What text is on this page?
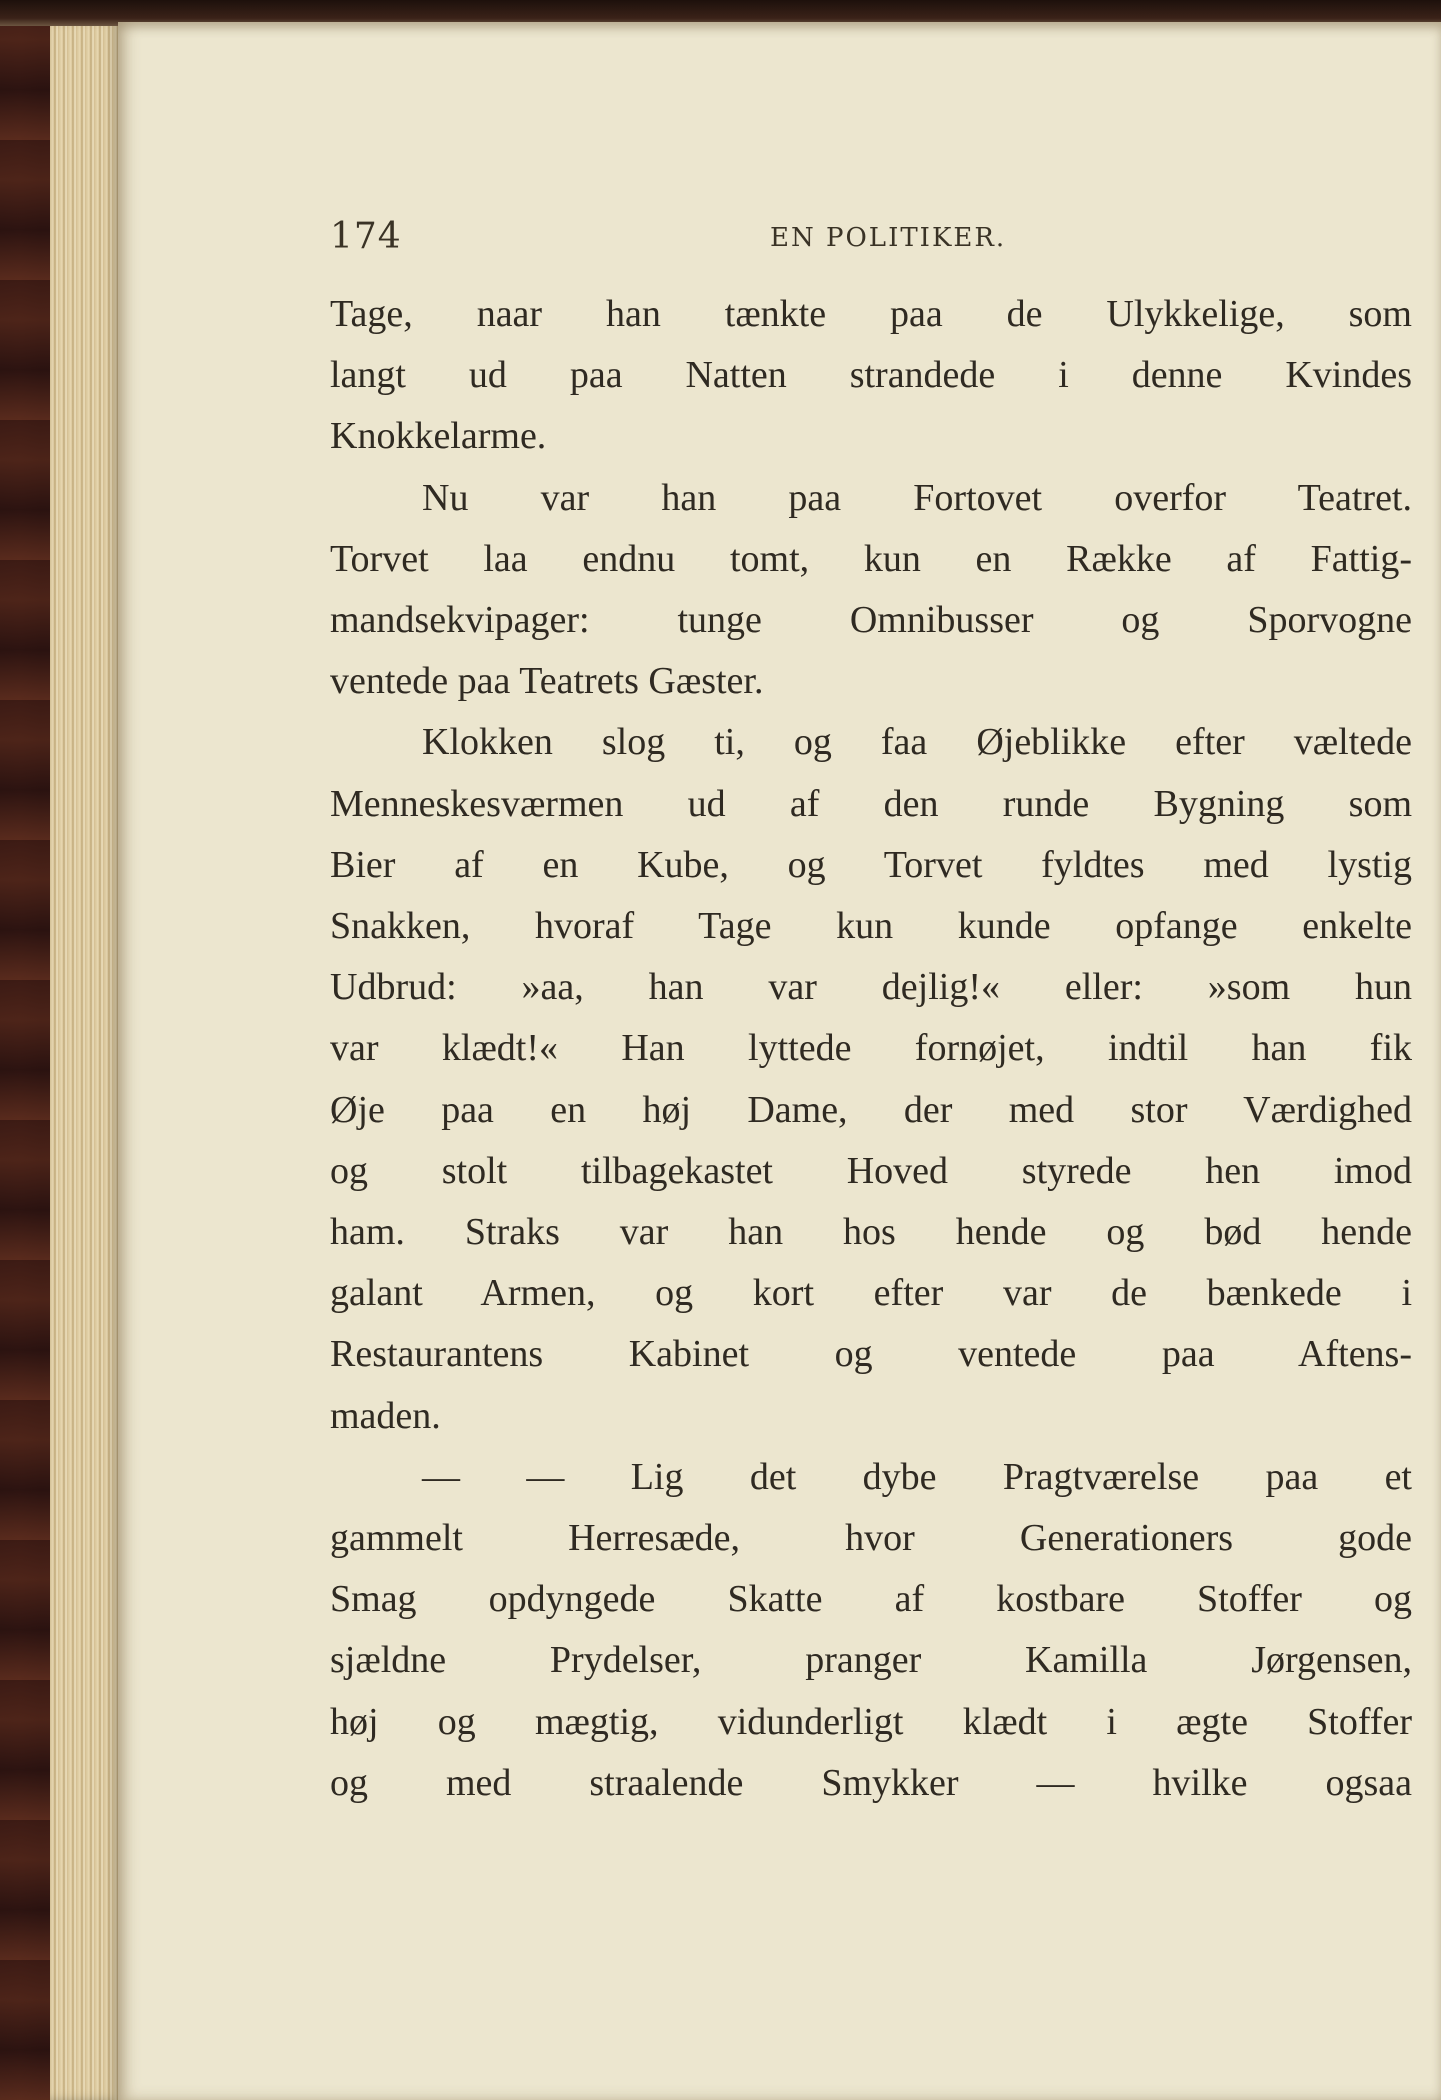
174	EN POLITIKER.
Tage, naar han tænkte paa de Ulykkelige, som
langt ud paa Natten strandede i denne Kvindes
Knokkelarme.
Nu var han paa Fortovet overfor Teatret.
Torvet laa endnu tomt, kun en Række af Fattig-
mandsekvipager: tunge Omnibusser og Sporvogne
ventede paa Teatrets Gæster.
Klokken slog ti, og faa Øjeblikke efter væltede
Menneskesværmen ud af den runde Bygning som
Bier af en Kube, og Torvet fyldtes med lystig
Snakken, hvoraf Tage kun kunde opfange enkelte
Udbrud: »aa, han var dejlig!« eller: »som hun
var klædt!« Han lyttede fornøjet, indtil han fik
Øje paa en høj Dame, der med stor Værdighed
og stolt tilbagekastet Hoved styrede hen imod
ham. Straks var han hos hende og bød hende
galant Armen, og kort efter var de bænkede i
Restaurantens Kabinet og ventede paa Aftens-
maden.
— — Lig det dybe Pragtværelse paa et
gammelt Herresæde, hvor Generationers gode
Smag opdyngede Skatte af kostbare Stoffer og
sjældne Prydelser, pranger Kamilla Jørgensen,
høj og mægtig, vidunderligt klædt i ægte Stoffer
og med straalende Smykker — hvilke ogsaa
